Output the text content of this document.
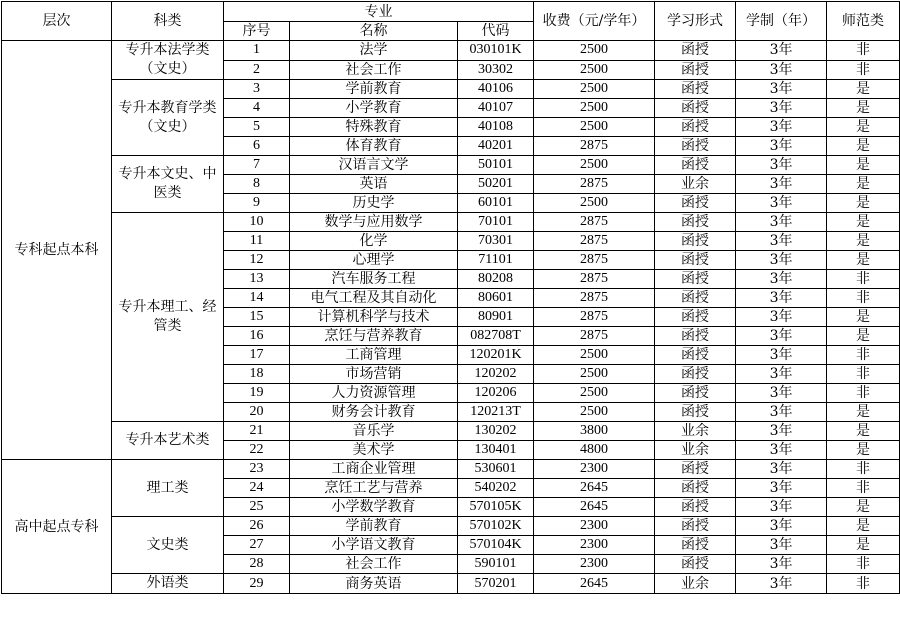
层次	科类	专业			收费（元/学年）	学习形式	学制（年）	师范类
		序号	名称	代码				
专科起点本科	专升本法学类（文史）	1	法学	030101K	2500	函授	3年	非
		2	社会工作	30302	2500	函授	3年	非
	专升本教育学类（文史）	3	学前教育	40106	2500	函授	3年	是
		4	小学教育	40107	2500	函授	3年	是
		5	特殊教育	40108	2500	函授	3年	是
		6	体育教育	40201	2875	函授	3年	是
	专升本文史、中医类	7	汉语言文学	50101	2500	函授	3年	是
		8	英语	50201	2875	业余	3年	是
		9	历史学	60101	2500	函授	3年	是
	专升本理工、经管类	10	数学与应用数学	70101	2875	函授	3年	是
		11	化学	70301	2875	函授	3年	是
		12	心理学	71101	2875	函授	3年	是
		13	汽车服务工程	80208	2875	函授	3年	非
		14	电气工程及其自动化	80601	2875	函授	3年	非
		15	计算机科学与技术	80901	2875	函授	3年	是
		16	烹饪与营养教育	082708T	2875	函授	3年	是
		17	工商管理	120201K	2500	函授	3年	非
		18	市场营销	120202	2500	函授	3年	非
		19	人力资源管理	120206	2500	函授	3年	非
		20	财务会计教育	120213T	2500	函授	3年	是
	专升本艺术类	21	音乐学	130202	3800	业余	3年	是
		22	美术学	130401	4800	业余	3年	是
高中起点专科	理工类	23	工商企业管理	530601	2300	函授	3年	非
		24	烹饪工艺与营养	540202	2645	函授	3年	非
		25	小学数学教育	570105K	2645	函授	3年	是
	文史类	26	学前教育	570102K	2300	函授	3年	是
		27	小学语文教育	570104K	2300	函授	3年	是
		28	社会工作	590101	2300	函授	3年	非
	外语类	29	商务英语	570201	2645	业余	3年	非
